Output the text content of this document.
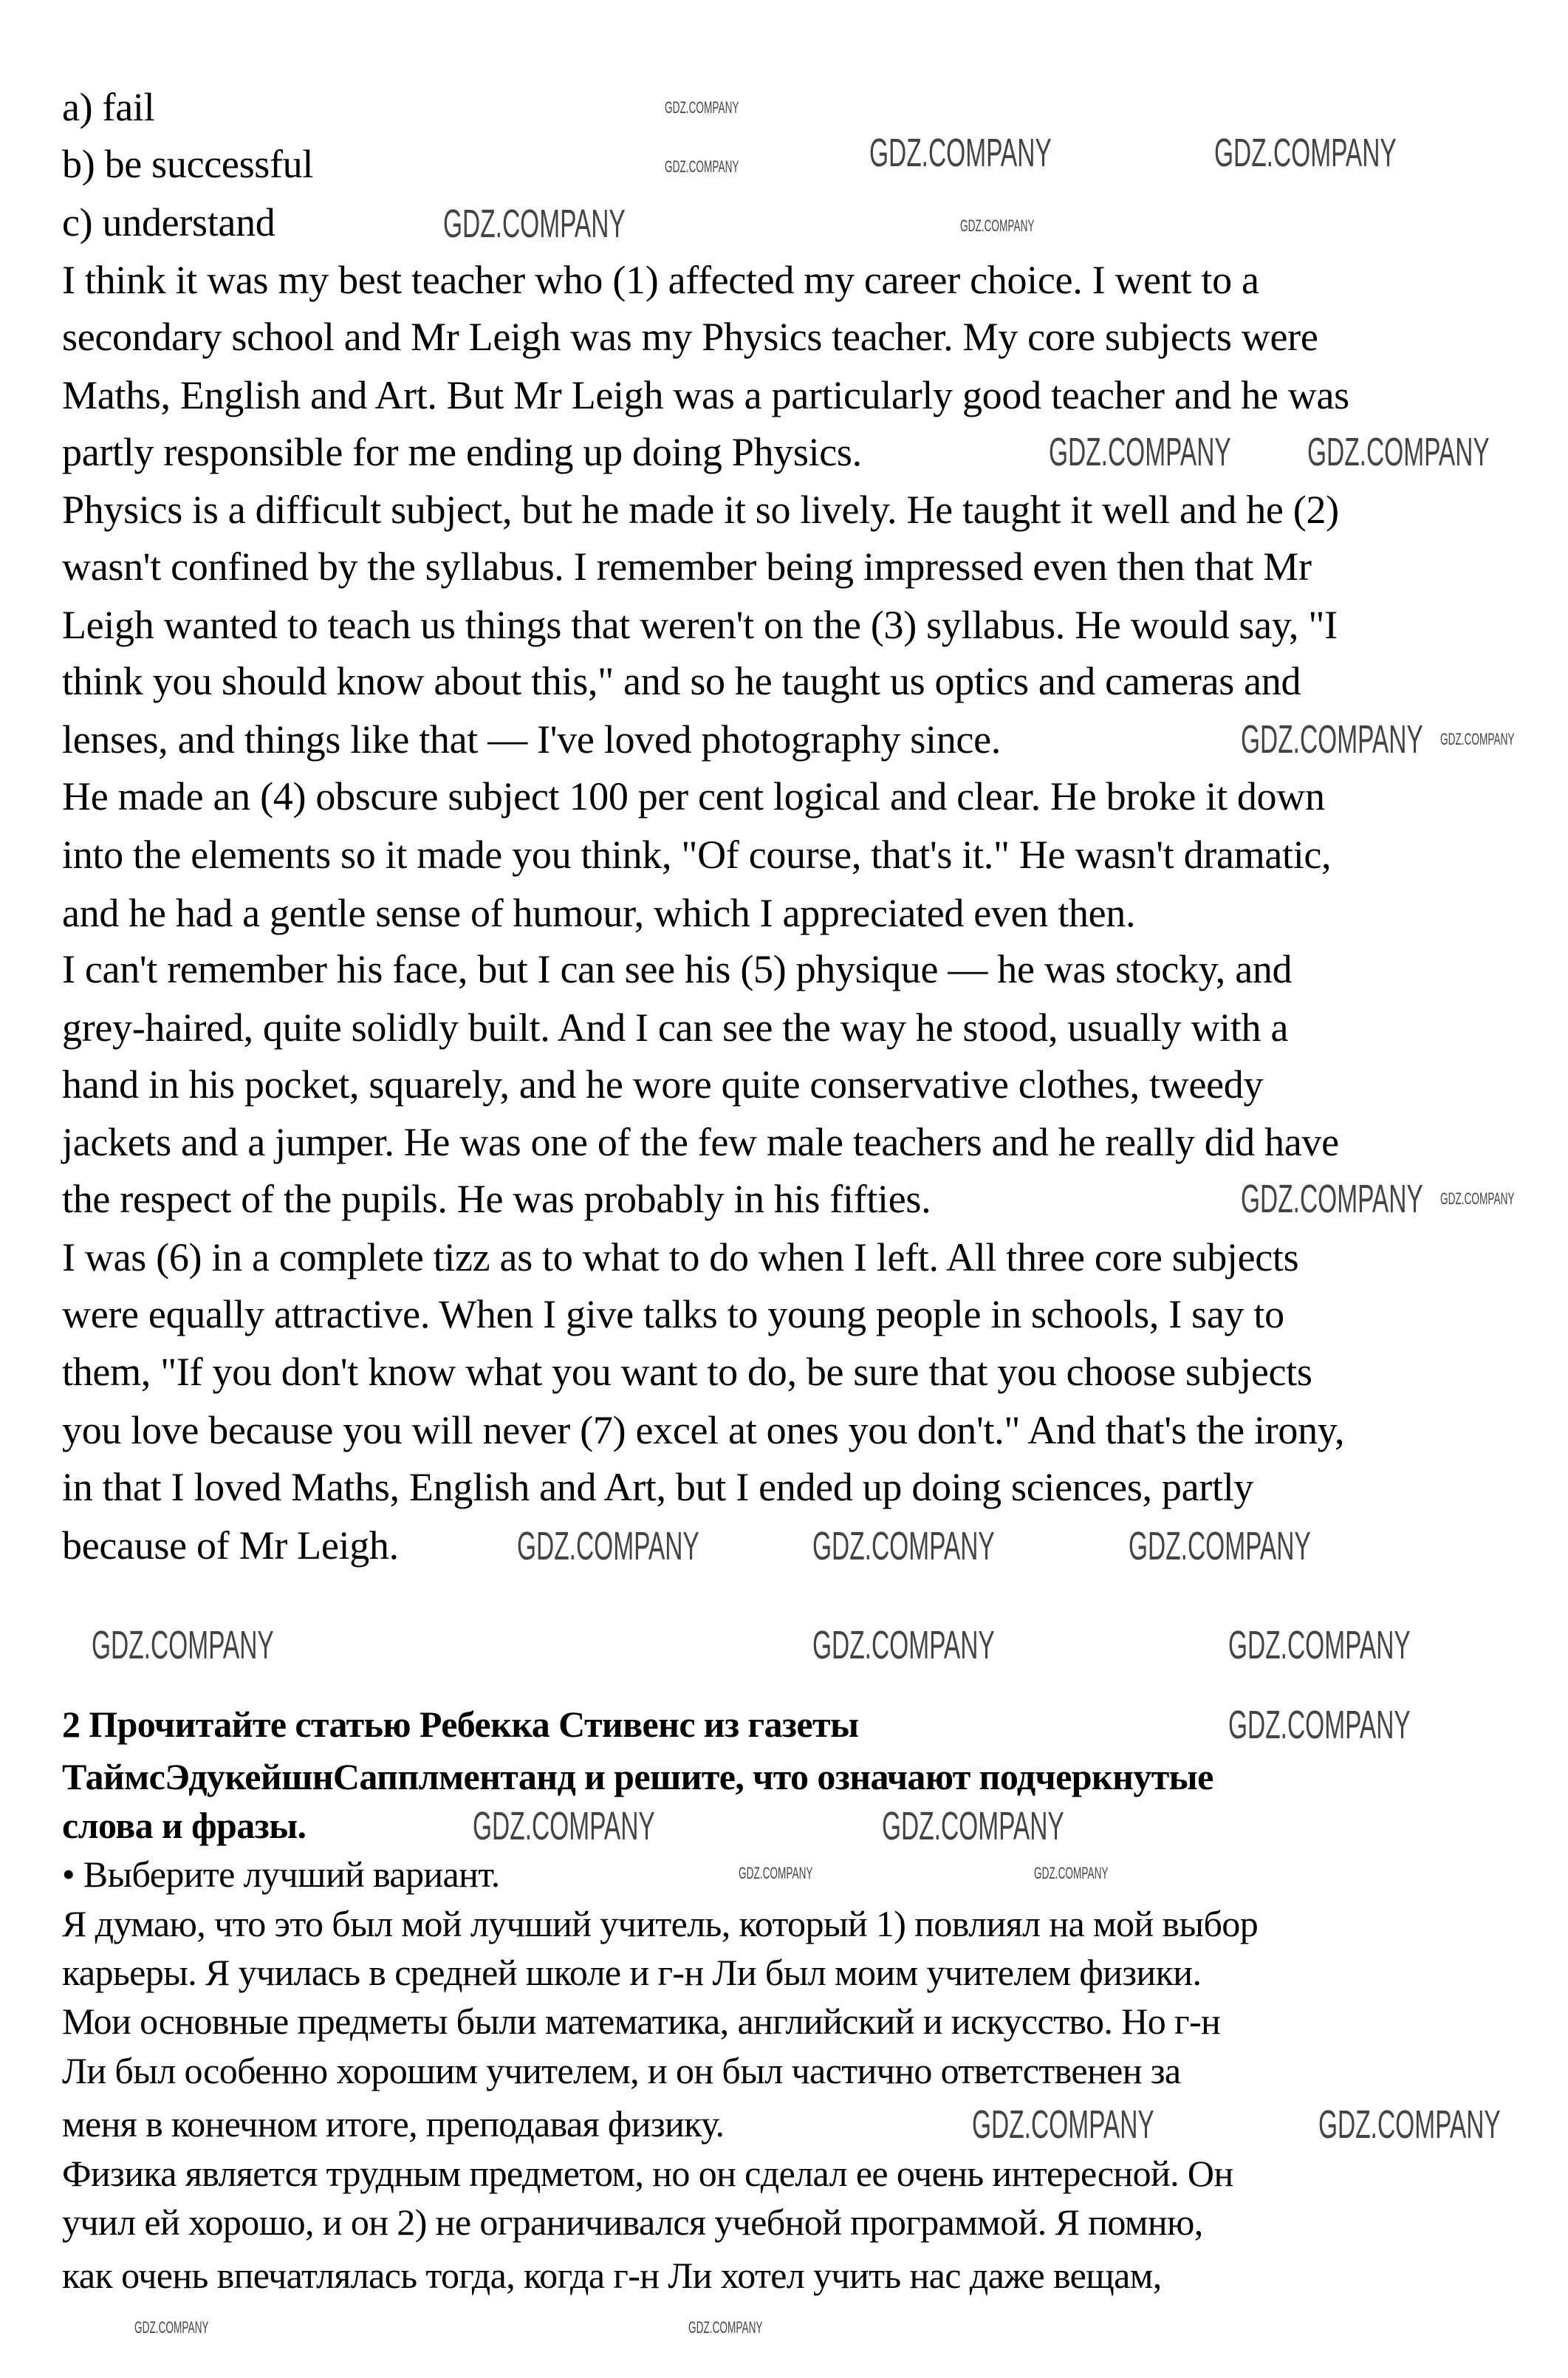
a) fail
b) be successful
c) understand
I think it was my best teacher who (1) affected my career choice. I went to a
secondary school and Mr Leigh was my Physics teacher. My core subjects were
Maths, English and Art. But Mr Leigh was a particularly good teacher and he was
partly responsible for me ending up doing Physics.
Physics is a difficult subject, but he made it so lively. He taught it well and he (2)
wasn't confined by the syllabus. I remember being impressed even then that Mr
Leigh wanted to teach us things that weren't on the (3) syllabus. He would say, "I
think you should know about this," and so he taught us optics and cameras and
lenses, and things like that — I've loved photography since.
He made an (4) obscure subject 100 per cent logical and clear. He broke it down
into the elements so it made you think, "Of course, that's it." He wasn't dramatic,
and he had a gentle sense of humour, which I appreciated even then.
I can't remember his face, but I can see his (5) physique — he was stocky, and
grey-haired, quite solidly built. And I can see the way he stood, usually with a
hand in his pocket, squarely, and he wore quite conservative clothes, tweedy
jackets and a jumper. He was one of the few male teachers and he really did have
the respect of the pupils. He was probably in his fifties.
I was (6) in a complete tizz as to what to do when I left. All three core subjects
were equally attractive. When I give talks to young people in schools, I say to
them, "If you don't know what you want to do, be sure that you choose subjects
you love because you will never (7) excel at ones you don't." And that's the irony,
in that I loved Maths, English and Art, but I ended up doing sciences, partly
because of Mr Leigh.
2 Прочитайте статью Ребекка Стивенс из газеты
ТаймсЭдукейшнСапплментанд и решите, что означают подчеркнутые
слова и фразы.
• Выберите лучший вариант.
Я думаю, что это был мой лучший учитель, который 1) повлиял на мой выбор
карьеры. Я училась в средней школе и г-н Ли был моим учителем физики.
Мои основные предметы были математика, английский и искусство. Но г-н
Ли был особенно хорошим учителем, и он был частично ответственен за
меня в конечном итоге, преподавая физику.
Физика является трудным предметом, но он сделал ее очень интересной. Он
учил ей хорошо, и он 2) не ограничивался учебной программой. Я помню,
как очень впечатлялась тогда, когда г-н Ли хотел учить нас даже вещам,
GDZ.COMPANY	GDZ.COMPANY
GDZ.COMPANY
GDZ.COMPANY GDZ.COMPANY
GDZ.COMPANY
GDZ.COMPANY
GDZ.COMPANY	GDZ.COMPANY	GDZ.COMPANY
GDZ.COMPANY	GDZ.COMPANY
GDZ.COMPANY
GDZ.COMPANY	GDZ.COMPANY
GDZ.COMPANY	GDZ.COMPANY
GDZ.COMPANY
GDZ.COMPANY
GDZ.COMPANY
GDZ.COMPANY
GDZ.COMPANY
GDZ.COMPANY
GDZ.COMPANY	GDZ.COMPANY
GDZ.COMPANY	GDZ.COMPANY
